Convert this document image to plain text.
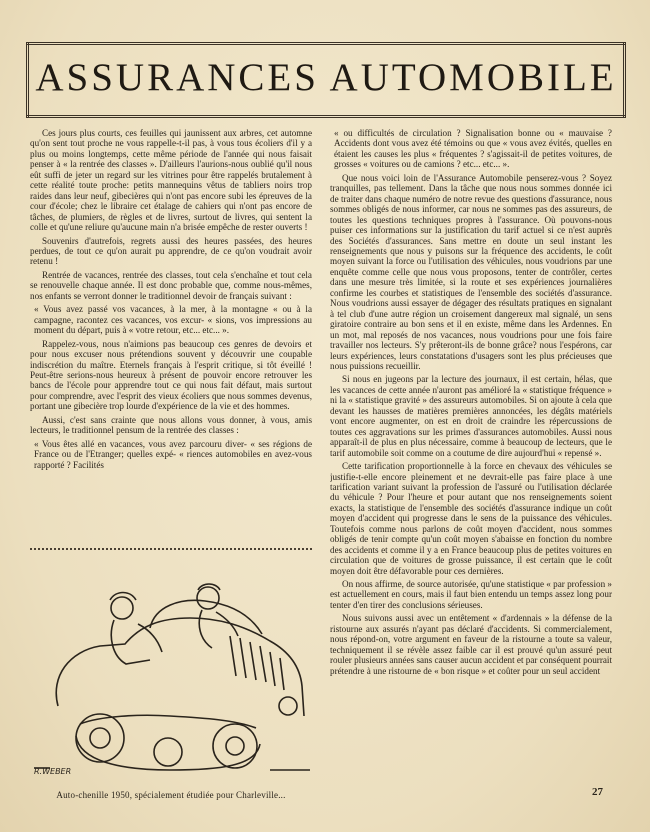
ASSURANCES AUTOMOBILE

Ces jours plus courts, ces feuilles qui jaunissent aux arbres, cet automne qu'on sent tout proche ne vous rappelle-t-il pas, à vous tous écoliers d'il y a plus ou moins longtemps, cette même période de l'année qui nous faisait penser à « la rentrée des classes ». D'ailleurs l'aurions-nous oublié qu'il nous eût suffi de jeter un regard sur les vitrines pour être rappelés brutalement à cette réalité toute proche: petits mannequins vêtus de tabliers noirs trop raides dans leur neuf, gibecières qui n'ont pas encore subi les épreuves de la cour d'école; chez le libraire cet étalage de cahiers qui n'ont pas encore de tâches, de plumiers, de règles et de livres, surtout de livres, qui sentent la colle et qu'une reliure qu'aucune main n'a brisée empêche de rester ouverts !

Souvenirs d'autrefois, regrets aussi des heures passées, des heures perdues, de tout ce qu'on aurait pu apprendre, de ce qu'on voudrait avoir retenu !

Rentrée de vacances, rentrée des classes, tout cela s'enchaîne et tout cela se renouvelle chaque année. Il est donc probable que, comme nous-mêmes, nos enfants se verront donner le traditionnel devoir de français suivant :

« Vous avez passé vos vacances, à la mer, à la montagne « ou à la campagne, racontez ces vacances, vos excur- « sions, vos impressions au moment du départ, puis à « votre retour, etc... etc... ».

Rappelez-vous, nous n'aimions pas beaucoup ces genres de devoirs et pour nous excuser nous prétendions souvent y découvrir une coupable indiscrétion du maître. Eternels français à l'esprit critique, si tôt éveillé ! Peut-être serions-nous heureux à présent de pouvoir encore retrouver les bancs de l'école pour apprendre tout ce qui nous fait défaut, mais surtout pour comprendre, avec l'esprit des vieux écoliers que nous sommes devenus, portant une gibecière trop lourde d'expérience de la vie et des hommes.

Aussi, c'est sans crainte que nous allons vous donner, à vous, amis lecteurs, le traditionnel pensum de la rentrée des classes :

« Vous êtes allé en vacances, vous avez parcouru diver- « ses régions de France ou de l'Etranger; quelles expé- « riences automobiles en avez-vous rapporté ? Facilités

« ou difficultés de circulation ? Signalisation bonne ou « mauvaise ? Accidents dont vous avez été témoins ou que « vous avez évités, quelles en étaient les causes les plus « fréquentes ? s'agissait-il de petites voitures, de grosses « voitures ou de camions ? etc... etc... ».

Que nous voici loin de l'Assurance Automobile penserez-vous ? Soyez tranquilles, pas tellement. Dans la tâche que nous nous sommes donnée ici de traiter dans chaque numéro de notre revue des questions d'assurance, nous sommes obligés de nous informer, car nous ne sommes pas des assureurs, de toutes les questions techniques propres à l'assurance. Où pouvons-nous puiser ces informations sur la justification du tarif actuel si ce n'est auprès des Sociétés d'assurances. Sans mettre en doute un seul instant les renseignements que nous y puisons sur la fréquence des accidents, le coût moyen suivant la force ou l'utilisation des véhicules, nous voudrions par une enquête comme celle que nous vous proposons, tenter de contrôler, certes dans une mesure très limitée, si la route et ses expériences journalières confirme les courbes et statistiques de l'ensemble des sociétés d'assurance. Nous voudrions aussi essayer de dégager des résultats pratiques en signalant à tel club d'une autre région un croisement dangereux mal signalé, un sens giratoire contraire au bon sens et il en existe, même dans les Ardennes. En un mot, mal reposés de nos vacances, nous voudrions pour une fois faire travailler nos lecteurs. S'y prêteront-ils de bonne grâce? nous l'espérons, car leurs expériences, leurs constatations d'usagers sont les plus précieuses que nous puissions recueillir.

Si nous en jugeons par la lecture des journaux, il est certain, hélas, que les vacances de cette année n'auront pas amélioré la « statistique fréquence » ni la « statistique gravité » des assureurs automobiles. Si on ajoute à cela que devant les hausses de matières premières annoncées, les dégâts matériels vont encore augmenter, on est en droit de craindre les répercussions de toutes ces aggravations sur les primes d'assurances automobiles. Aussi nous apparaît-il de plus en plus nécessaire, comme à beaucoup de lecteurs, que le tarif automobile soit comme on a coutume de dire aujourd'hui « repensé ».

Cette tarification proportionnelle à la force en chevaux des véhicules se justifie-t-elle encore pleinement et ne devrait-elle pas faire place à une tarification variant suivant la profession de l'assuré ou l'utilisation déclarée du véhicule ? Pour l'heure et pour autant que nos renseignements soient exacts, la statistique de l'ensemble des sociétés d'assurance indique un coût moyen d'accident qui progresse dans le sens de la puissance des véhicules. Toutefois comme nous parlons de coût moyen d'accident, nous sommes obligés de tenir compte qu'un coût moyen s'abaisse en fonction du nombre des accidents et comme il y a en France beaucoup plus de petites voitures en circulation que de voitures de grosse puissance, il est certain que le coût moyen doit être défavorable pour ces dernières.

On nous affirme, de source autorisée, qu'une statistique « par profession » est actuellement en cours, mais il faut bien entendu un temps assez long pour tenter d'en tirer des conclusions sérieuses.

Nous suivons aussi avec un entêtement « d'ardennais » la défense de la ristourne aux assurés n'ayant pas déclaré d'accidents. Si commercialement, nous répond-on, votre argument en faveur de la ristourne a toute sa valeur, techniquement il se révèle assez faible car il est prouvé qu'un assuré peut rouler plusieurs années sans causer aucun accident et par conséquent pourrait prétendre à une ristourne de « bon risque » et coûter pour un seul accident

R.WEBER
Auto-chenille 1950, spécialement étudiée pour Charleville...	27
